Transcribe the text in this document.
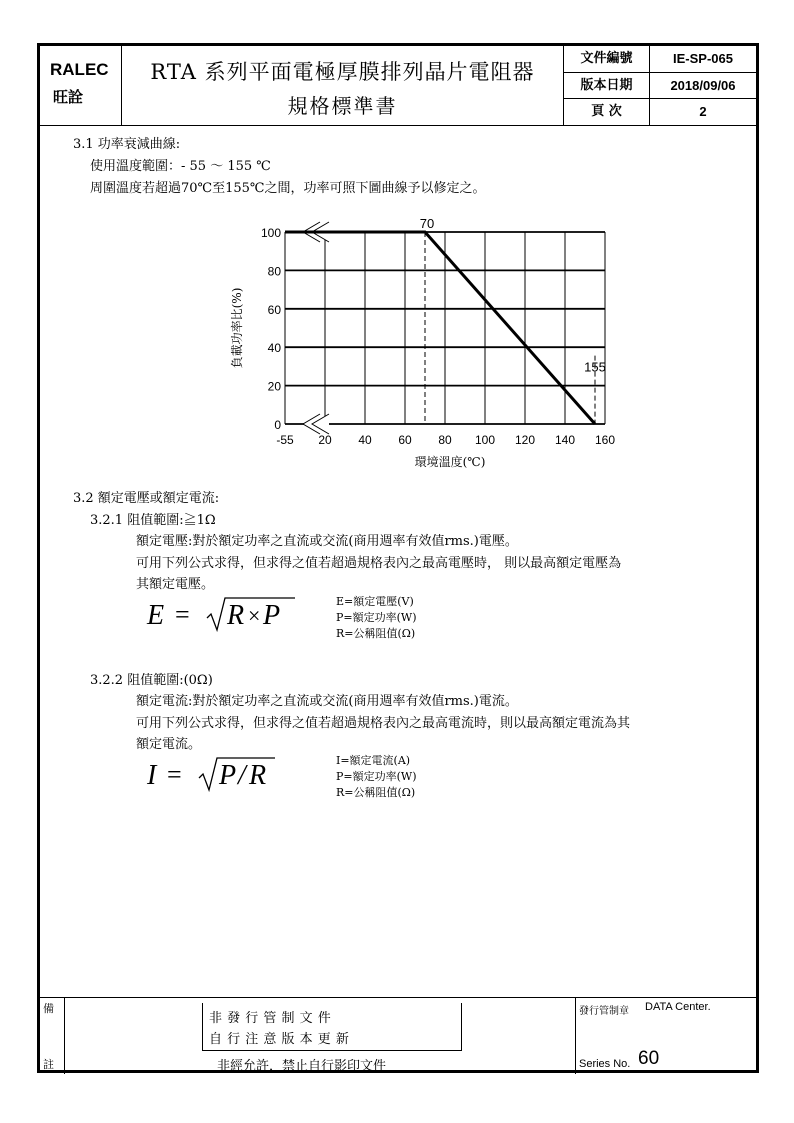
RALEC
旺詮
RTA 系列平面電極厚膜排列晶片電阻器
規格標準書
文件編號	IE-SP-065
版本日期	2018/09/06
頁 次	2
3.1 功率衰減曲線:
使用溫度範圍：- 55 ～ 155 ℃
周圍溫度若超過70℃至155℃之間，功率可照下圖曲線予以修定之。
0
20
40
60
80
100
-55 20 40 60 80 100 120 140 160
70
155
環境溫度(℃)
負載功率比(%)
3.2 額定電壓或額定電流:
3.2.1 阻值範圍:≧1Ω
額定電壓:對於額定功率之直流或交流(商用週率有效值rms.)電壓。
可用下列公式求得，但求得之值若超過規格表內之最高電壓時， 則以最高額定電壓為
其額定電壓。
E = R × P	E=額定電壓(V)
P=額定功率(W)
R=公稱阻值(Ω)
3.2.2 阻值範圍:(0Ω)
額定電流:對於額定功率之直流或交流(商用週率有效值rms.)電流。
可用下列公式求得，但求得之值若超過規格表內之最高電流時，則以最高額定電流為其
額定電流。
I = P / R	I=額定電流(A)
P=額定功率(W)
R=公稱阻值(Ω)
備
註
非 發 行 管 制 文 件
自 行 注 意 版 本 更 新
非經允許，禁止自行影印文件
發行管制章 DATA Center.
Series No. 60
